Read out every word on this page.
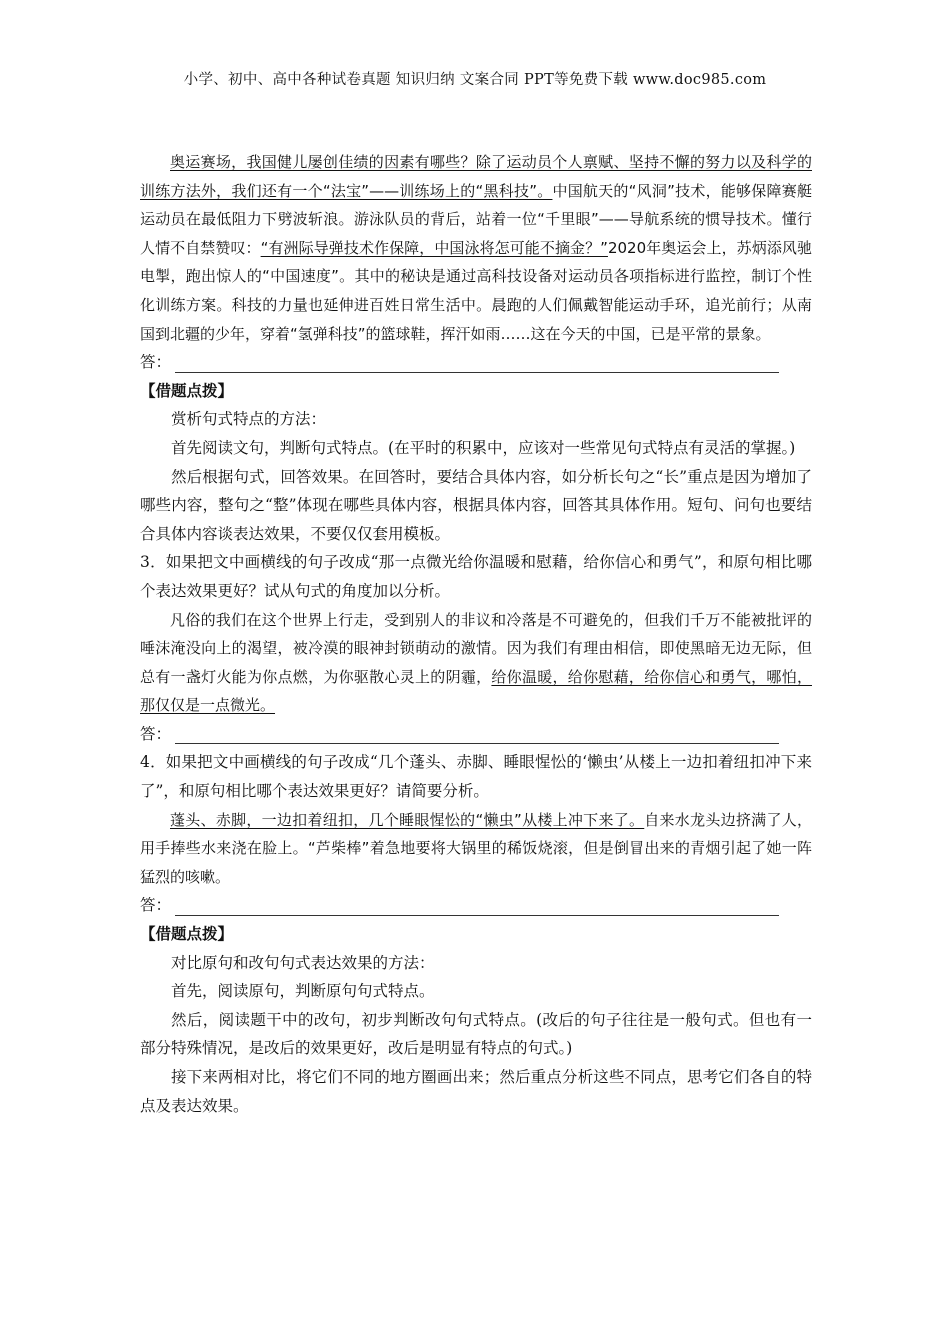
小学、初中、高中各种试卷真题 知识归纳 文案合同 PPT等免费下载 www.doc985.com

奥运赛场，我国健儿屡创佳绩的因素有哪些？除了运动员个人禀赋、坚持不懈的努力以及科学的训练方法外，我们还有一个“法宝”——训练场上的“黑科技”。中国航天的“风洞”技术，能够保障赛艇运动员在最低阻力下劈波斩浪。游泳队员的背后，站着一位“千里眼”——导航系统的惯导技术。懂行人情不自禁赞叹：“有洲际导弹技术作保障，中国泳将怎可能不摘金？”2020年奥运会上，苏炳添风驰电掣，跑出惊人的“中国速度”。其中的秘诀是通过高科技设备对运动员各项指标进行监控，制订个性化训练方案。科技的力量也延伸进百姓日常生活中。晨跑的人们佩戴智能运动手环，追光前行；从南国到北疆的少年，穿着“氢弹科技”的篮球鞋，挥汗如雨……这在今天的中国，已是平常的景象。

答：

【借题点拨】

赏析句式特点的方法：

首先阅读文句，判断句式特点。(在平时的积累中，应该对一些常见句式特点有灵活的掌握。)

然后根据句式，回答效果。在回答时，要结合具体内容，如分析长句之“长”重点是因为增加了哪些内容，整句之“整”体现在哪些具体内容，根据具体内容，回答其具体作用。短句、问句也要结合具体内容谈表达效果，不要仅仅套用模板。

3．如果把文中画横线的句子改成“那一点微光给你温暖和慰藉，给你信心和勇气”，和原句相比哪个表达效果更好？试从句式的角度加以分析。

凡俗的我们在这个世界上行走，受到别人的非议和冷落是不可避免的，但我们千万不能被批评的唾沫淹没向上的渴望，被冷漠的眼神封锁萌动的激情。因为我们有理由相信，即使黑暗无边无际，但总有一盏灯火能为你点燃，为你驱散心灵上的阴霾，给你温暖，给你慰藉，给你信心和勇气，哪怕，那仅仅是一点微光。

答：

4．如果把文中画横线的句子改成“几个蓬头、赤脚、睡眼惺忪的‘懒虫’从楼上一边扣着纽扣冲下来了”，和原句相比哪个表达效果更好？请简要分析。

蓬头、赤脚，一边扣着纽扣，几个睡眼惺忪的“懒虫”从楼上冲下来了。自来水龙头边挤满了人，用手捧些水来浇在脸上。“芦柴棒”着急地要将大锅里的稀饭烧滚，但是倒冒出来的青烟引起了她一阵猛烈的咳嗽。

答：

【借题点拨】

对比原句和改句句式表达效果的方法：

首先，阅读原句，判断原句句式特点。

然后，阅读题干中的改句，初步判断改句句式特点。(改后的句子往往是一般句式。但也有一部分特殊情况，是改后的效果更好，改后是明显有特点的句式。)

接下来两相对比，将它们不同的地方圈画出来；然后重点分析这些不同点，思考它们各自的特点及表达效果。
